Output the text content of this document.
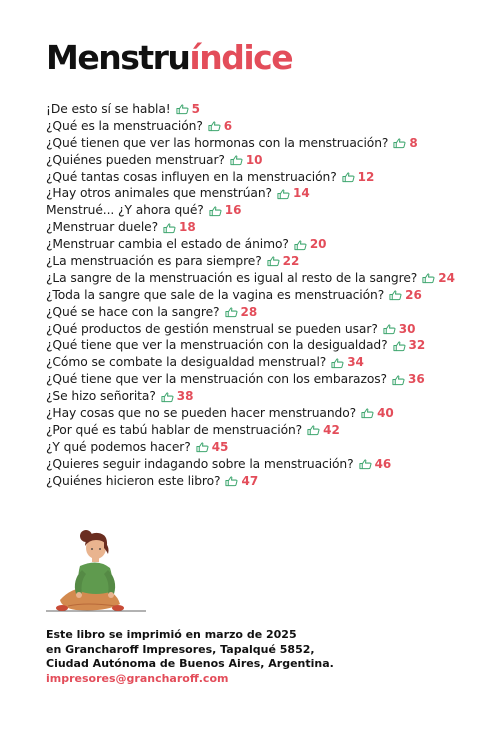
Menstruíndice
¡De esto sí se habla! 5
¿Qué es la menstruación? 6
¿Qué tienen que ver las hormonas con la menstruación? 8
¿Quiénes pueden menstruar? 10
¿Qué tantas cosas influyen en la menstruación? 12
¿Hay otros animales que menstrúan? 14
Menstrué... ¿Y ahora qué? 16
¿Menstruar duele? 18
¿Menstruar cambia el estado de ánimo? 20
¿La menstruación es para siempre? 22
¿La sangre de la menstruación es igual al resto de la sangre? 24
¿Toda la sangre que sale de la vagina es menstruación? 26
¿Qué se hace con la sangre? 28
¿Qué productos de gestión menstrual se pueden usar? 30
¿Qué tiene que ver la menstruación con la desigualdad? 32
¿Cómo se combate la desigualdad menstrual? 34
¿Qué tiene que ver la menstruación con los embarazos? 36
¿Se hizo señorita? 38
¿Hay cosas que no se pueden hacer menstruando? 40
¿Por qué es tabú hablar de menstruación? 42
¿Y qué podemos hacer? 45
¿Quieres seguir indagando sobre la menstruación? 46
¿Quiénes hicieron este libro? 47
Este libro se imprimió en marzo de 2025
en Grancharoff Impresores, Tapalqué 5852,
Ciudad Autónoma de Buenos Aires, Argentina.
impresores@grancharoff.com
